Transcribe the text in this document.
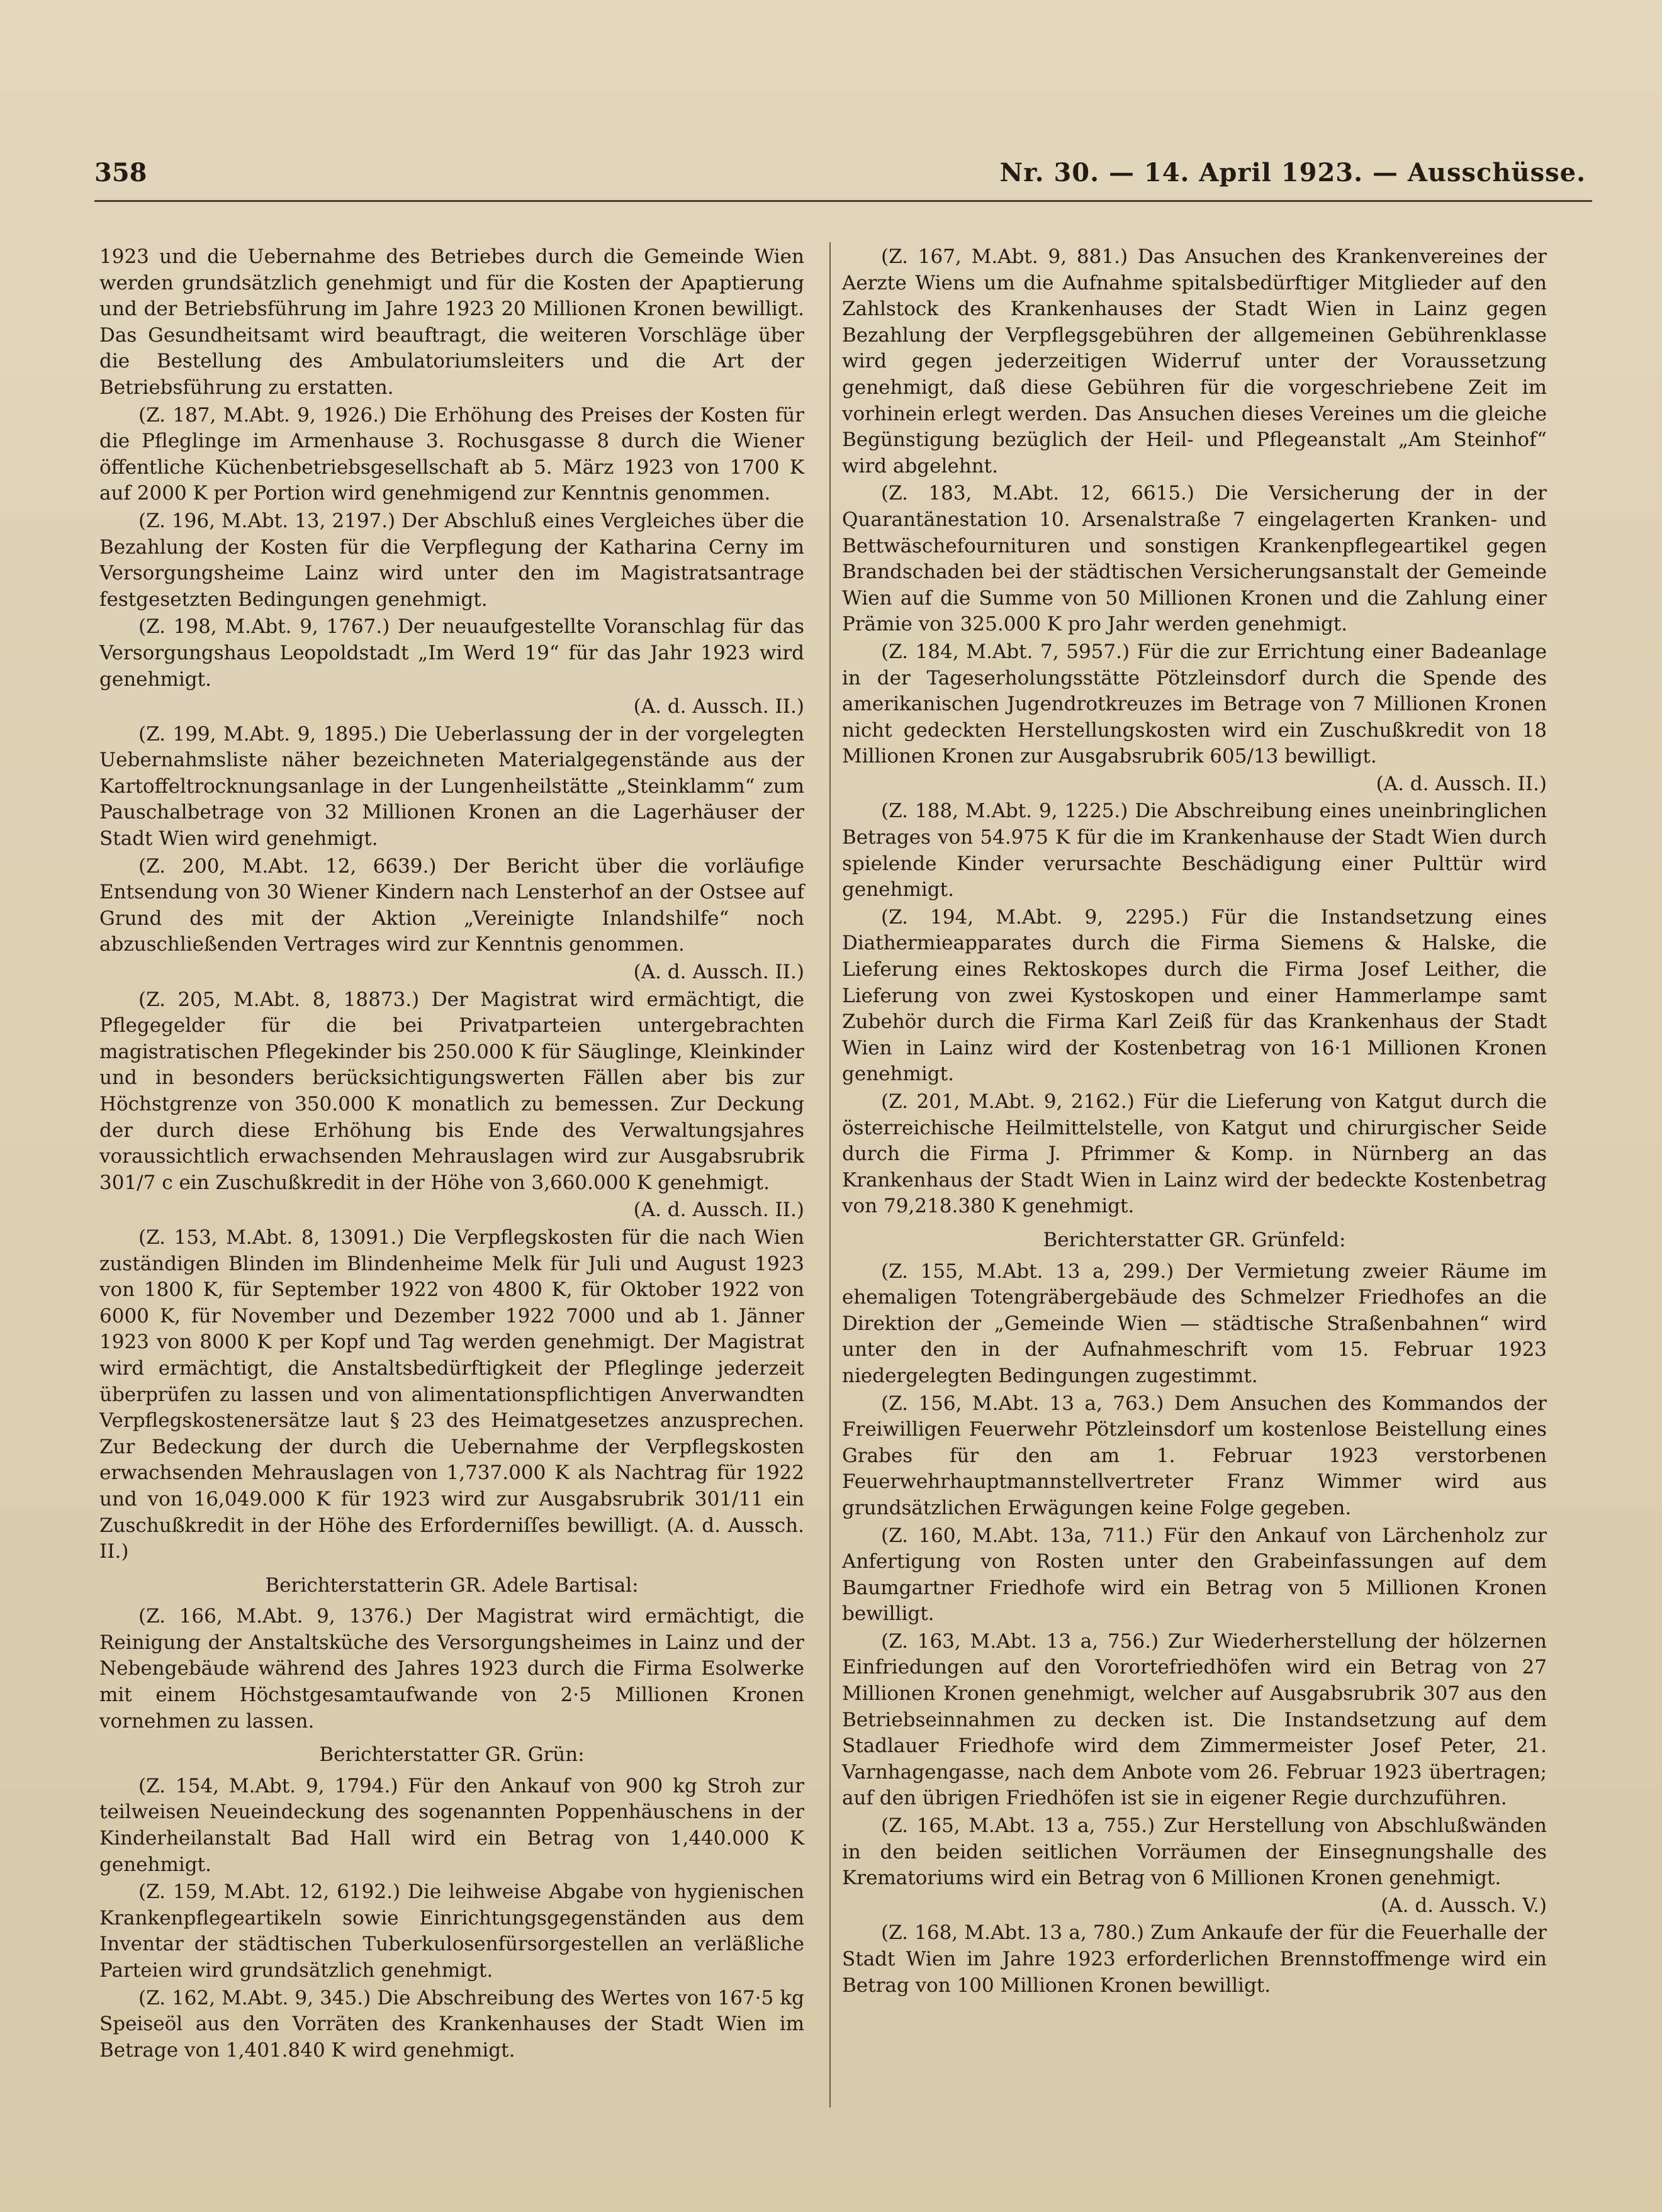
358	Nr. 30. — 14. April 1923. — Ausschüsse.

1923 und die Uebernahme des Betriebes durch die Gemeinde Wien werden grundsätzlich genehmigt und für die Kosten der Apaptierung und der Betriebsführung im Jahre 1923 20 Millionen Kronen bewilligt. Das Gesundheitsamt wird beauftragt, die weiteren Vorschläge über die Bestellung des Ambulatoriumsleiters und die Art der Betriebsführung zu erstatten.

(Z. 187, M.Abt. 9, 1926.) Die Erhöhung des Preises der Kosten für die Pfleglinge im Armenhause 3. Rochusgasse 8 durch die Wiener öffentliche Küchenbetriebsgesellschaft ab 5. März 1923 von 1700 K auf 2000 K per Portion wird genehmigend zur Kenntnis genommen.

(Z. 196, M.Abt. 13, 2197.) Der Abschluß eines Vergleiches über die Bezahlung der Kosten für die Verpflegung der Katharina Cerny im Versorgungsheime Lainz wird unter den im Magistratsantrage festgesetzten Bedingungen genehmigt.

(Z. 198, M.Abt. 9, 1767.) Der neuaufgestellte Voranschlag für das Versorgungshaus Leopoldstadt „Im Werd 19“ für das Jahr 1923 wird genehmigt.

(A. d. Aussch. II.)

(Z. 199, M.Abt. 9, 1895.) Die Ueberlassung der in der vorgelegten Uebernahmsliste näher bezeichneten Materialgegenstände aus der Kartoffeltrocknungsanlage in der Lungenheilstätte „Steinklamm“ zum Pauschalbetrage von 32 Millionen Kronen an die Lagerhäuser der Stadt Wien wird genehmigt.

(Z. 200, M.Abt. 12, 6639.) Der Bericht über die vorläufige Entsendung von 30 Wiener Kindern nach Lensterhof an der Ostsee auf Grund des mit der Aktion „Vereinigte Inlandshilfe“ noch abzuschließenden Vertrages wird zur Kenntnis genommen.

(A. d. Aussch. II.)

(Z. 205, M.Abt. 8, 18873.) Der Magistrat wird ermächtigt, die Pflegegelder für die bei Privatparteien untergebrachten magistratischen Pflegekinder bis 250.000 K für Säuglinge, Kleinkinder und in besonders berücksichtigungswerten Fällen aber bis zur Höchstgrenze von 350.000 K monatlich zu bemessen. Zur Deckung der durch diese Erhöhung bis Ende des Verwaltungsjahres voraussichtlich erwachsenden Mehrauslagen wird zur Ausgabsrubrik 301/7 c ein Zuschußkredit in der Höhe von 3,660.000 K genehmigt.

(A. d. Aussch. II.)

(Z. 153, M.Abt. 8, 13091.) Die Verpflegskosten für die nach Wien zuständigen Blinden im Blindenheime Melk für Juli und August 1923 von 1800 K, für September 1922 von 4800 K, für Oktober 1922 von 6000 K, für November und Dezember 1922 7000 und ab 1. Jänner 1923 von 8000 K per Kopf und Tag werden genehmigt. Der Magistrat wird ermächtigt, die Anstaltsbedürftigkeit der Pfleglinge jederzeit überprüfen zu lassen und von alimentationspflichtigen Anverwandten Verpflegskostenersätze laut § 23 des Heimatgesetzes anzusprechen. Zur Bedeckung der durch die Uebernahme der Verpflegskosten erwachsenden Mehrauslagen von 1,737.000 K als Nachtrag für 1922 und von 16,049.000 K für 1923 wird zur Ausgabsrubrik 301/11 ein Zuschußkredit in der Höhe des Erforderniſſes bewilligt. (A. d. Aussch. II.)

Berichterstatterin GR. Adele Bartisal:

(Z. 166, M.Abt. 9, 1376.) Der Magistrat wird ermächtigt, die Reinigung der Anstaltsküche des Versorgungsheimes in Lainz und der Nebengebäude während des Jahres 1923 durch die Firma Esolwerke mit einem Höchstgesamtaufwande von 2·5 Millionen Kronen vornehmen zu lassen.

Berichterstatter GR. Grün:

(Z. 154, M.Abt. 9, 1794.) Für den Ankauf von 900 kg Stroh zur teilweisen Neueindeckung des sogenannten Poppenhäuschens in der Kinderheilanstalt Bad Hall wird ein Betrag von 1,440.000 K genehmigt.

(Z. 159, M.Abt. 12, 6192.) Die leihweise Abgabe von hygienischen Krankenpflegeartikeln sowie Einrichtungsgegenständen aus dem Inventar der städtischen Tuberkulosenfürsorgestellen an verläßliche Parteien wird grundsätzlich genehmigt.

(Z. 162, M.Abt. 9, 345.) Die Abschreibung des Wertes von 167·5 kg Speiseöl aus den Vorräten des Krankenhauses der Stadt Wien im Betrage von 1,401.840 K wird genehmigt.

(Z. 167, M.Abt. 9, 881.) Das Ansuchen des Krankenvereines der Aerzte Wiens um die Aufnahme spitalsbedürftiger Mitglieder auf den Zahlstock des Krankenhauses der Stadt Wien in Lainz gegen Bezahlung der Verpflegsgebühren der allgemeinen Gebührenklasse wird gegen jederzeitigen Widerruf unter der Voraussetzung genehmigt, daß diese Gebühren für die vorgeschriebene Zeit im vorhinein erlegt werden. Das Ansuchen dieses Vereines um die gleiche Begünstigung bezüglich der Heil- und Pflegeanstalt „Am Steinhof“ wird abgelehnt.

(Z. 183, M.Abt. 12, 6615.) Die Versicherung der in der Quarantänestation 10. Arsenalstraße 7 eingelagerten Kranken- und Bettwäschefournituren und sonstigen Krankenpflegeartikel gegen Brandschaden bei der städtischen Versicherungsanstalt der Gemeinde Wien auf die Summe von 50 Millionen Kronen und die Zahlung einer Prämie von 325.000 K pro Jahr werden genehmigt.

(Z. 184, M.Abt. 7, 5957.) Für die zur Errichtung einer Badeanlage in der Tageserholungsstätte Pötzleinsdorf durch die Spende des amerikanischen Jugendrotkreuzes im Betrage von 7 Millionen Kronen nicht gedeckten Herstellungskosten wird ein Zuschußkredit von 18 Millionen Kronen zur Ausgabsrubrik 605/13 bewilligt.

(A. d. Aussch. II.)

(Z. 188, M.Abt. 9, 1225.) Die Abschreibung eines uneinbringlichen Betrages von 54.975 K für die im Krankenhause der Stadt Wien durch spielende Kinder verursachte Beschädigung einer Pulttür wird genehmigt.

(Z. 194, M.Abt. 9, 2295.) Für die Instandsetzung eines Diathermieapparates durch die Firma Siemens & Halske, die Lieferung eines Rektoskopes durch die Firma Josef Leither, die Lieferung von zwei Kystoskopen und einer Hammerlampe samt Zubehör durch die Firma Karl Zeiß für das Krankenhaus der Stadt Wien in Lainz wird der Kostenbetrag von 16·1 Millionen Kronen genehmigt.

(Z. 201, M.Abt. 9, 2162.) Für die Lieferung von Katgut durch die österreichische Heilmittelstelle, von Katgut und chirurgischer Seide durch die Firma J. Pfrimmer & Komp. in Nürnberg an das Krankenhaus der Stadt Wien in Lainz wird der bedeckte Kostenbetrag von 79,218.380 K genehmigt.

Berichterstatter GR. Grünfeld:

(Z. 155, M.Abt. 13 a, 299.) Der Vermietung zweier Räume im ehemaligen Totengräbergebäude des Schmelzer Friedhofes an die Direktion der „Gemeinde Wien — städtische Straßenbahnen“ wird unter den in der Aufnahmeschrift vom 15. Februar 1923 niedergelegten Bedingungen zugestimmt.

(Z. 156, M.Abt. 13 a, 763.) Dem Ansuchen des Kommandos der Freiwilligen Feuerwehr Pötzleinsdorf um kostenlose Beistellung eines Grabes für den am 1. Februar 1923 verstorbenen Feuerwehrhauptmannstellvertreter Franz Wimmer wird aus grundsätzlichen Erwägungen keine Folge gegeben.

(Z. 160, M.Abt. 13a, 711.) Für den Ankauf von Lärchenholz zur Anfertigung von Rosten unter den Grabeinfassungen auf dem Baumgartner Friedhofe wird ein Betrag von 5 Millionen Kronen bewilligt.

(Z. 163, M.Abt. 13 a, 756.) Zur Wiederherstellung der hölzernen Einfriedungen auf den Vorortefriedhöfen wird ein Betrag von 27 Millionen Kronen genehmigt, welcher auf Ausgabsrubrik 307 aus den Betriebseinnahmen zu decken ist. Die Instandsetzung auf dem Stadlauer Friedhofe wird dem Zimmermeister Josef Peter, 21. Varnhagengasse, nach dem Anbote vom 26. Februar 1923 übertragen; auf den übrigen Friedhöfen ist sie in eigener Regie durchzuführen.

(Z. 165, M.Abt. 13 a, 755.) Zur Herstellung von Abschlußwänden in den beiden seitlichen Vorräumen der Einsegnungshalle des Krematoriums wird ein Betrag von 6 Millionen Kronen genehmigt.

(A. d. Aussch. V.)

(Z. 168, M.Abt. 13 a, 780.) Zum Ankaufe der für die Feuerhalle der Stadt Wien im Jahre 1923 erforderlichen Brennstoffmenge wird ein Betrag von 100 Millionen Kronen bewilligt.
